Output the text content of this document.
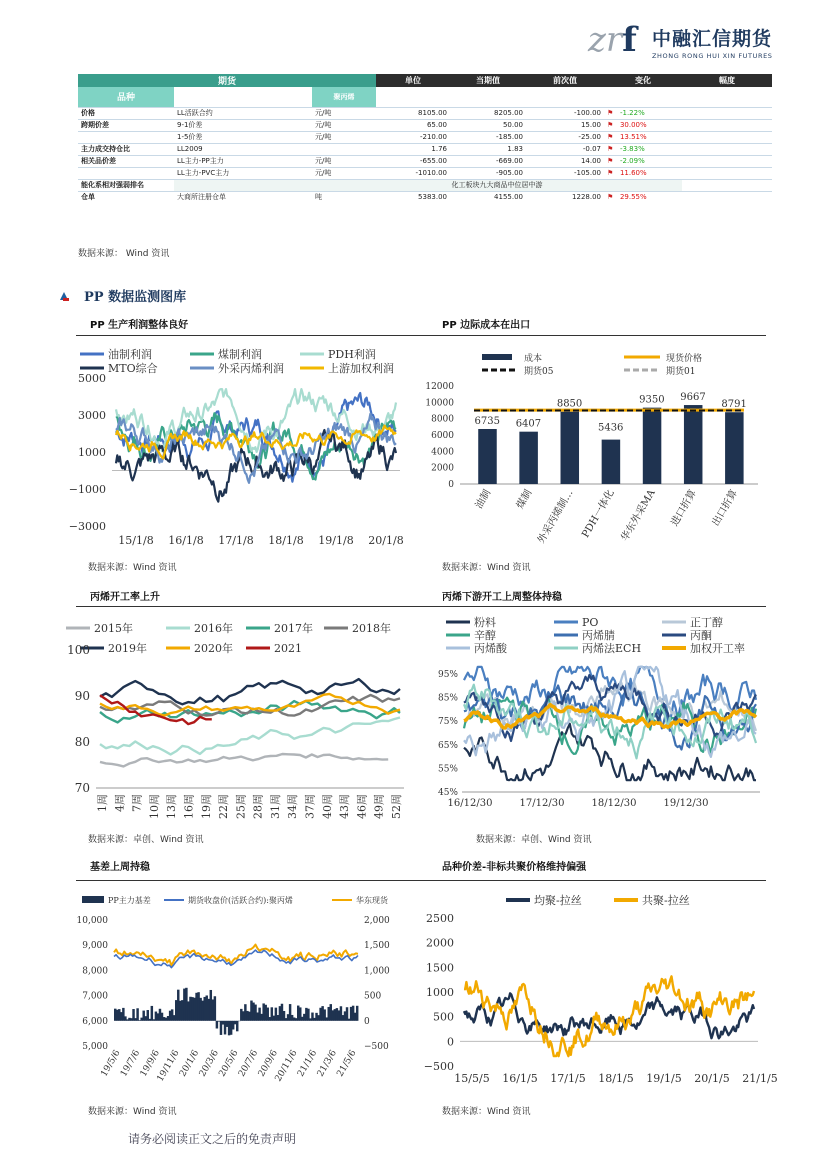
zrf 中融汇信期货
ZHONG RONG HUI XIN FUTURES
期货			单位	当期值	前次值	变化	幅度
品种		聚丙烯					
价格	LL活跃合约	元/吨	8105.00	8205.00	-100.00	⚑ -1.22%	
跨期价差	9-1价差	元/吨	65.00	50.00	15.00	⚑ 30.00%	
	1-5价差	元/吨	-210.00	-185.00	-25.00	⚑ 13.51%	
主力成交持仓比	LL2009		1.76	1.83	-0.07	⚑ -3.83%	
相关品价差	LL主力-PP主力	元/吨	-655.00	-669.00	14.00	⚑ -2.09%	
	LL主力-PVC主力	元/吨	-1010.00	-905.00	-105.00	⚑ 11.60%	
能化系相对强弱排名		化工板块九大商品中位居中游					
仓单	大商所注册仓单	吨	5383.00	4155.00	1228.00	⚑ 29.55%	
数据来源： Wind 资讯
PP 数据监测图库
PP 生产利润整体良好	PP 边际成本在出口
丙烯开工率上升	丙烯下游开工上周整体持稳
基差上周持稳	品种价差-非标共聚价格维持偏强
油制利润	煤制利润	PDH利润
MTO综合	外采丙烯利润	上游加权利润
5000
3000
1000
−1000
−3000
15/1/8 16/1/8 17/1/8 18/1/8 19/1/8 20/1/8
成本	现货价格
期货05	期货01
12000
10000
8000
6000
4000
2000
0
6735
油制
6407
煤制
8850
外采丙烯制…
5436
PDH一体化
9350
华东外采MA
9667
进口折算
8791
出口折算
2015年	2016年	2017年	2018年
2019年	2020年	2021
100
90
80
70
1周 4周 7周 10周 13周 16周 19周 22周 25周 28周 31周 34周 37周 40周 43周 46周 49周 52周
粉料	PO	正丁醇
辛醇	丙烯腈	丙酮
丙烯酸	丙烯法ECH	加权开工率
95%
85%
75%
65%
55%
45%
16/12/30	17/12/30	18/12/30	19/12/30
PP主力基差	期货收盘价(活跃合约):聚丙烯	华东现货
10,000
9,000
8,000
7,000
6,000
5,000
2,000
1,500
1,000
500
0
−500
19/5/6
19/7/6
19/9/6
19/11/6
20/1/6
20/3/6
20/5/6
20/7/6
20/9/6
20/11/6
21/1/6
21/3/6
21/5/6
均聚-拉丝	共聚-拉丝
2500
2000
1500
1000
500
0
−500
15/5/5 16/1/5 17/1/5 18/1/5 19/1/5 20/1/5 21/1/5
数据来源：Wind 资讯	数据来源：Wind 资讯
数据来源：卓创、Wind 资讯	数据来源：卓创、Wind 资讯
数据来源：Wind 资讯	数据来源：Wind 资讯
请务必阅读正文之后的免责声明
